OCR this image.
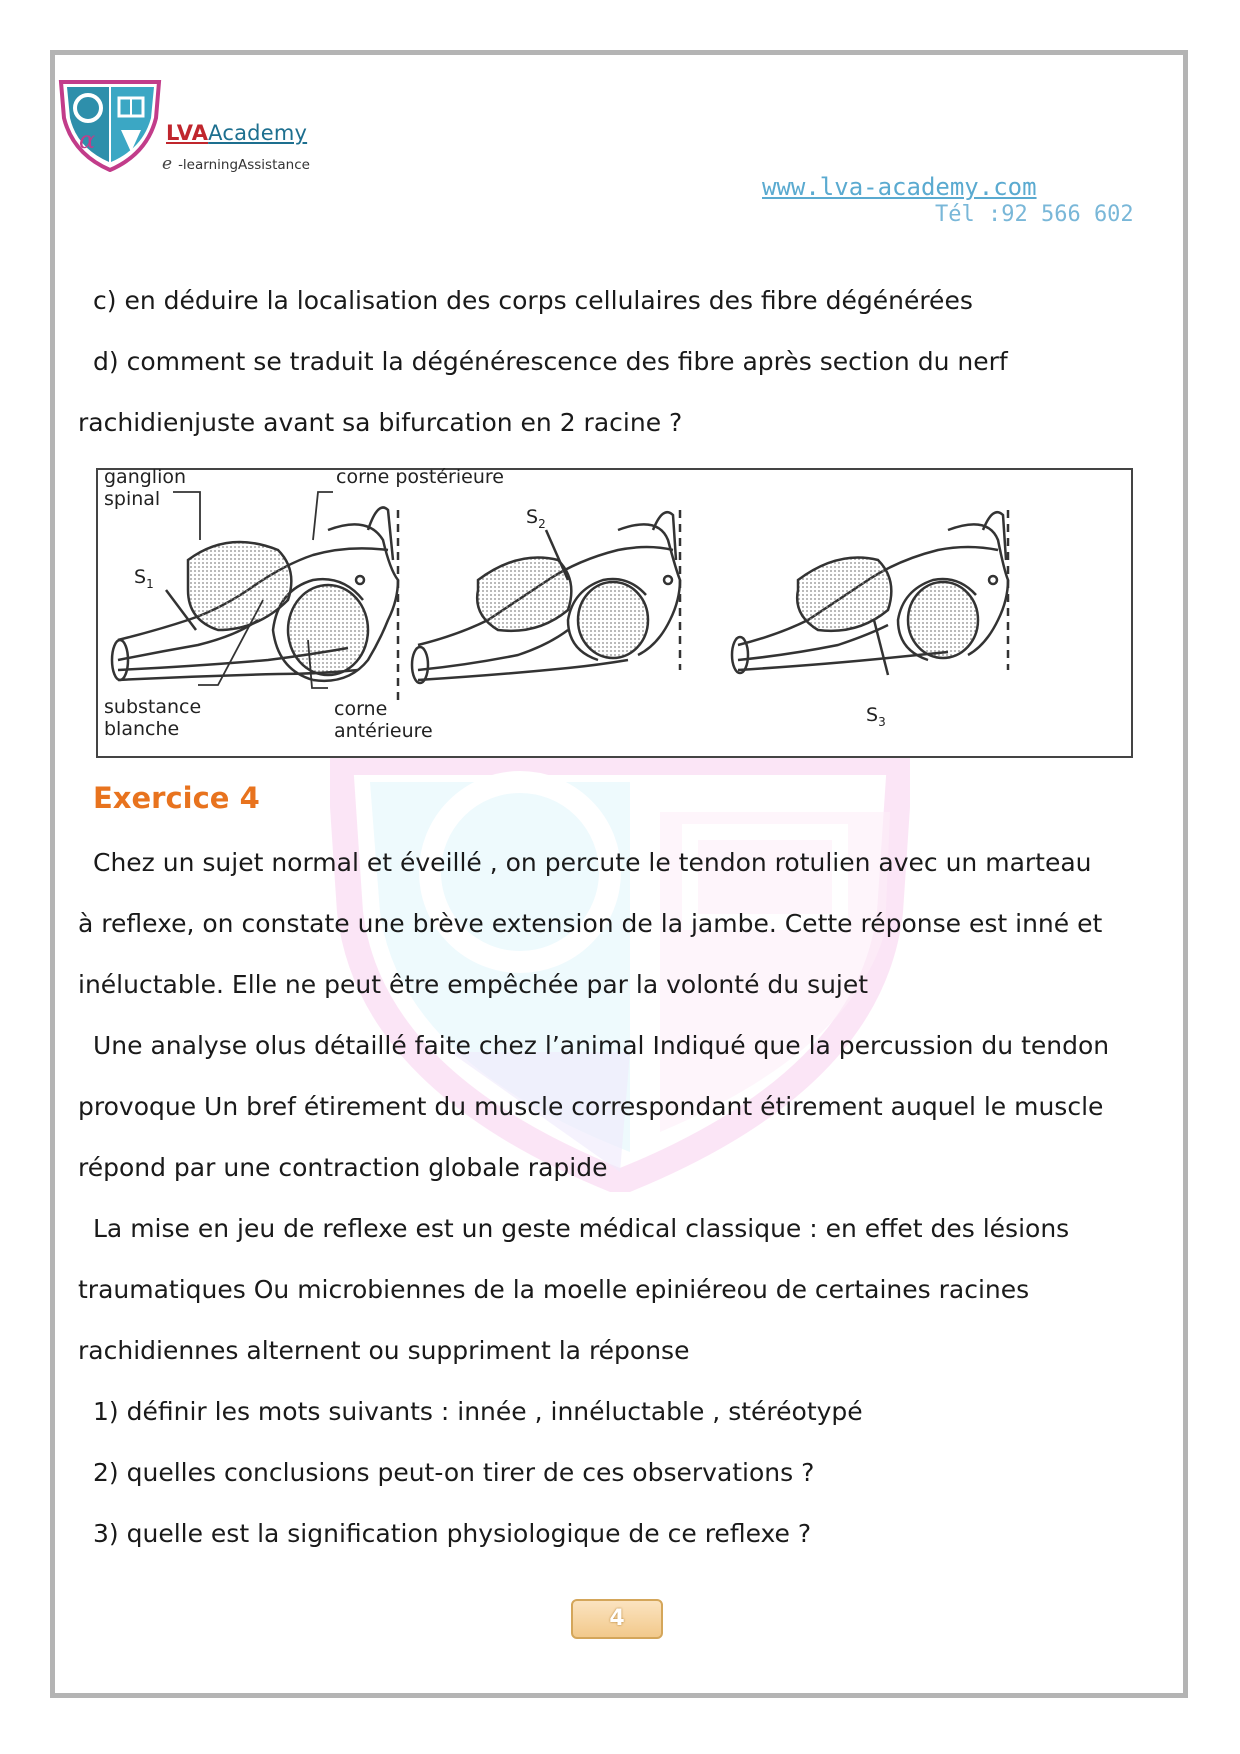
α	LVAAcademy
e -learningAssistance
www.lva-academy.com
Tél :92 566 602
c) en déduire la localisation des corps cellulaires des fibre dégénérées
d) comment se traduit la dégénérescence des fibre après section du nerf
rachidienjuste avant sa bifurcation en 2 racine ?
ganglion
spinal
corne postérieure
$S_1$
$S_2$
$S_3$
substance
blanche
corne
antérieure
Exercice 4
Chez un sujet normal et éveillé , on percute le tendon rotulien avec un marteau
à reflexe, on constate une brève extension de la jambe. Cette réponse est inné et
inéluctable. Elle ne peut être empêchée par la volonté du sujet
Une analyse olus détaillé faite chez l’animal Indiqué que la percussion du tendon
provoque Un bref étirement du muscle correspondant étirement auquel le muscle
répond par une contraction globale rapide
La mise en jeu de reflexe est un geste médical classique : en effet des lésions
traumatiques Ou microbiennes de la moelle epiniéreou de certaines racines
rachidiennes alternent ou suppriment la réponse
1) définir les mots suivants : innée , innéluctable , stéréotypé
2) quelles conclusions peut-on tirer de ces observations ?
3) quelle est la signification physiologique de ce reflexe ?
4
